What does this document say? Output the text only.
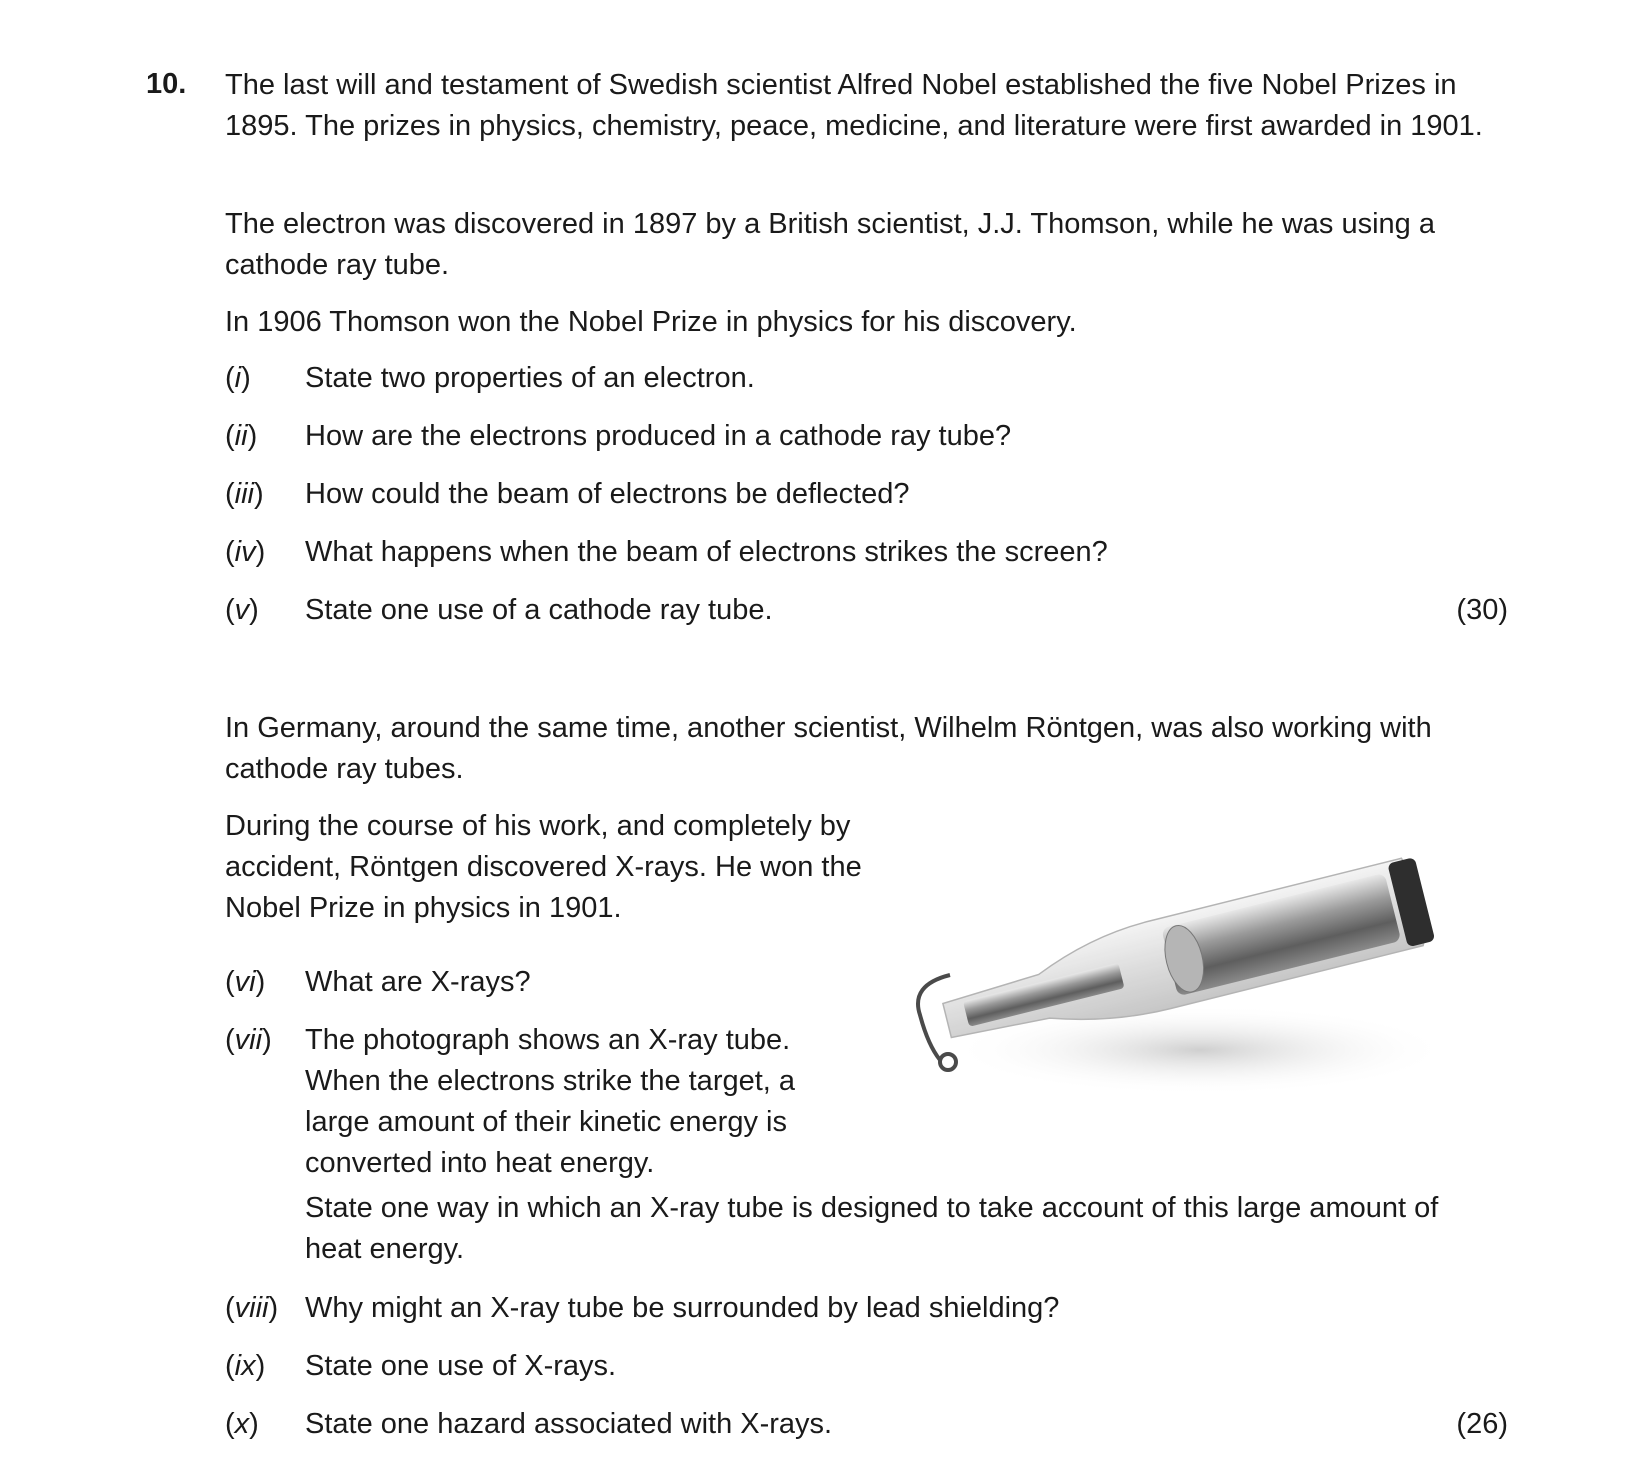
10. The last will and testament of Swedish scientist Alfred Nobel established the five Nobel Prizes in 1895. The prizes in physics, chemistry, peace, medicine, and literature were first awarded in 1901.

The electron was discovered in 1897 by a British scientist, J.J. Thomson, while he was using a cathode ray tube.

In 1906 Thomson won the Nobel Prize in physics for his discovery.

(i) State two properties of an electron.
(ii) How are the electrons produced in a cathode ray tube?
(iii) How could the beam of electrons be deflected?
(iv) What happens when the beam of electrons strikes the screen?
(v) State one use of a cathode ray tube.	(30)

In Germany, around the same time, another scientist, Wilhelm Röntgen, was also working with cathode ray tubes.

During the course of his work, and completely by accident, Röntgen discovered X-rays. He won the Nobel Prize in physics in 1901.

(vi) What are X-rays?
(vii) The photograph shows an X-ray tube. When the electrons strike the target, a large amount of their kinetic energy is converted into heat energy.
State one way in which an X-ray tube is designed to take account of this large amount of heat energy.
(viii) Why might an X-ray tube be surrounded by lead shielding?
(ix) State one use of X-rays.
(x) State one hazard associated with X-rays.	(26)
